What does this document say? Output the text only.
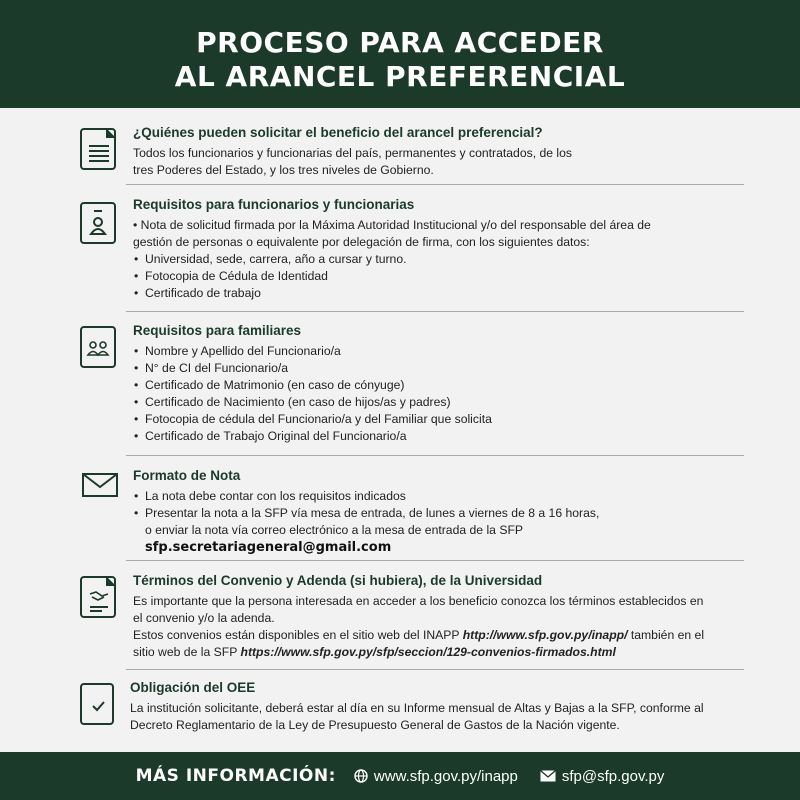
PROCESO PARA ACCEDER
AL ARANCEL PREFERENCIAL
¿Quiénes pueden solicitar el beneficio del arancel preferencial?
Todos los funcionarios y funcionarias del país, permanentes y contratados, de los
tres Poderes del Estado, y los tres niveles de Gobierno.
Requisitos para funcionarios y funcionarias
• Nota de solicitud firmada por la Máxima Autoridad Institucional y/o del responsable del área de
gestión de personas o equivalente por delegación de firma, con los siguientes datos:
• Universidad, sede, carrera, año a cursar y turno.
• Fotocopia de Cédula de Identidad
• Certificado de trabajo
Requisitos para familiares
• Nombre y Apellido del Funcionario/a
• N° de CI del Funcionario/a
• Certificado de Matrimonio (en caso de cónyuge)
• Certificado de Nacimiento (en caso de hijos/as y padres)
• Fotocopia de cédula del Funcionario/a y del Familiar que solicita
• Certificado de Trabajo Original del Funcionario/a
Formato de Nota
• La nota debe contar con los requisitos indicados
• Presentar la nota a la SFP vía mesa de entrada, de lunes a viernes de 8 a 16 horas,
o enviar la nota vía correo electrónico a la mesa de entrada de la SFP
sfp.secretariageneral@gmail.com
Términos del Convenio y Adenda (si hubiera), de la Universidad
Es importante que la persona interesada en acceder a los beneficio conozca los términos establecidos en
el convenio y/o la adenda.
Estos convenios están disponibles en el sitio web del INAPP http://www.sfp.gov.py/inapp/ también en el
sitio web de la SFP https://www.sfp.gov.py/sfp/seccion/129-convenios-firmados.html
Obligación del OEE
La institución solicitante, deberá estar al día en su Informe mensual de Altas y Bajas a la SFP, conforme al
Decreto Reglamentario de la Ley de Presupuesto General de Gastos de la Nación vigente.
MÁS INFORMACIÓN:	www.sfp.gov.py/inapp	sfp@sfp.gov.py
